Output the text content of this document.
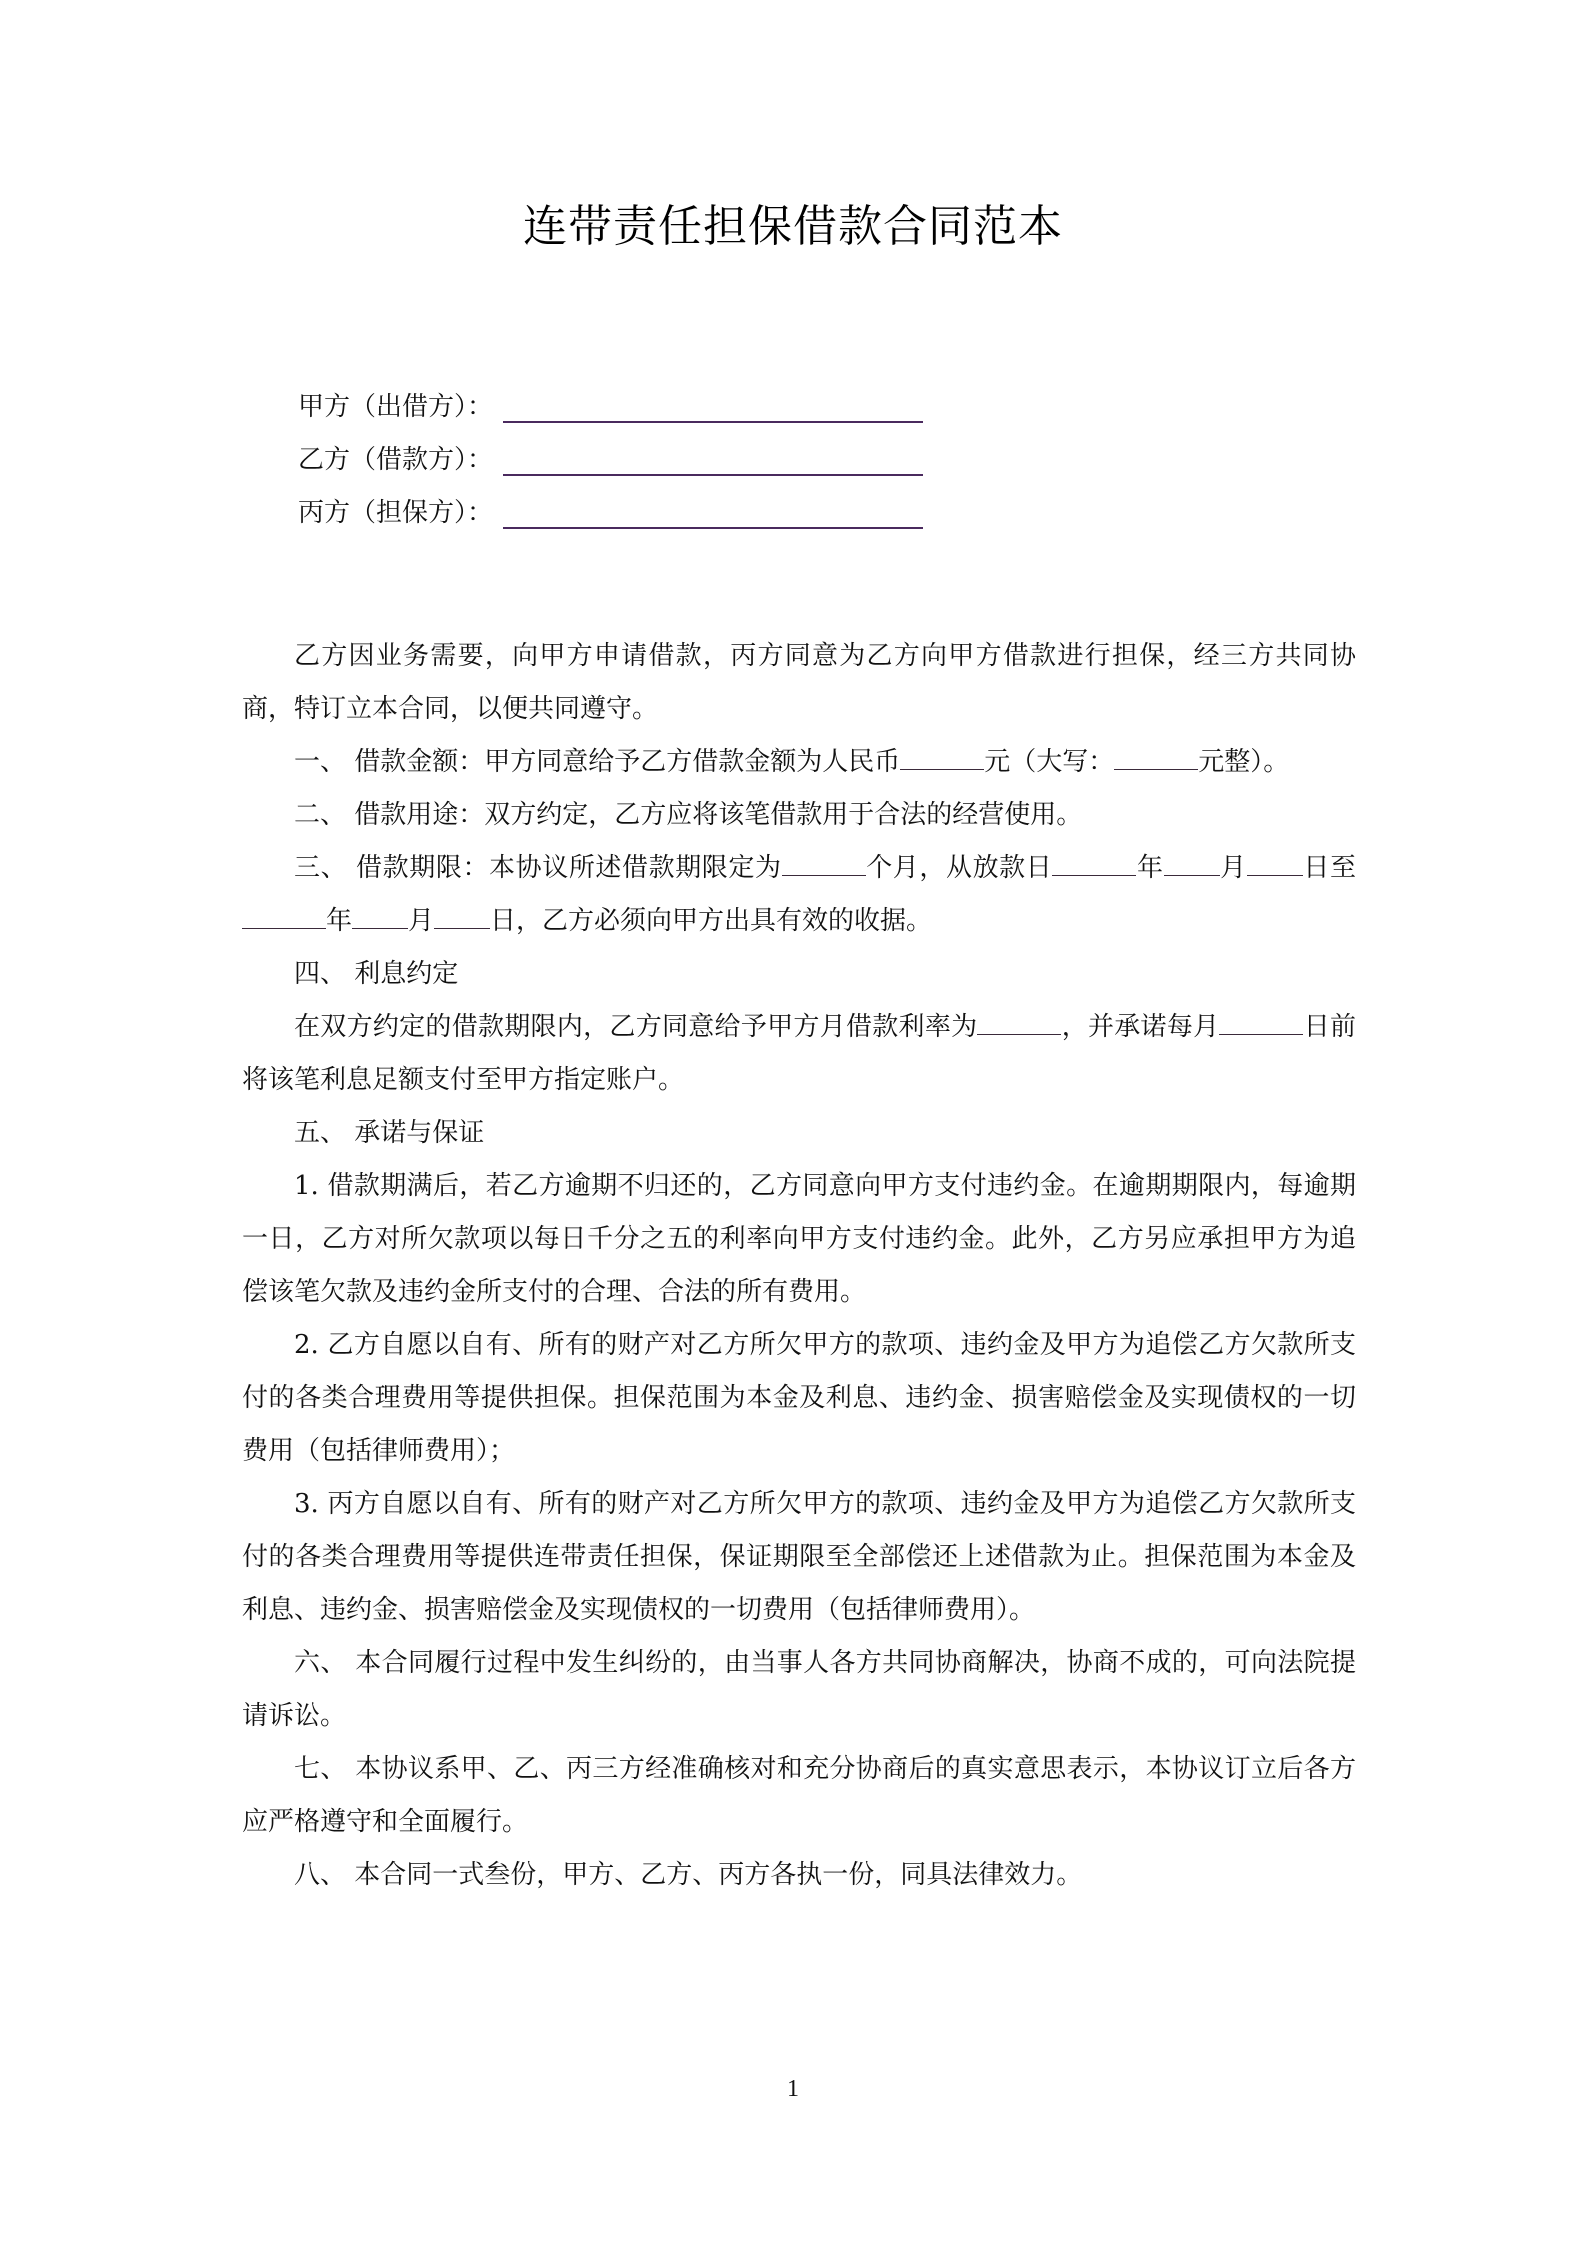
连带责任担保借款合同范本
甲方（出借方）：
乙方（借款方）：
丙方（担保方）：

乙方因业务需要，向甲方申请借款，丙方同意为乙方向甲方借款进行担保，经三方共同协商，特订立本合同，以便共同遵守。

一、 借款金额：甲方同意给予乙方借款金额为人民币	元（大写：	元整）。

二、 借款用途：双方约定，乙方应将该笔借款用于合法的经营使用。

三、 借款期限：本协议所述借款期限定为	个月，从放款日	年 月 日至年 月 日，乙方必须向甲方出具有效的收据。

四、 利息约定

在双方约定的借款期限内，乙方同意给予甲方月借款利率为	，并承诺每月	日前将该笔利息足额支付至甲方指定账户。

五、 承诺与保证

1. 借款期满后，若乙方逾期不归还的，乙方同意向甲方支付违约金。在逾期期限内，每逾期一日，乙方对所欠款项以每日千分之五的利率向甲方支付违约金。此外，乙方另应承担甲方为追偿该笔欠款及违约金所支付的合理、合法的所有费用。

2. 乙方自愿以自有、所有的财产对乙方所欠甲方的款项、违约金及甲方为追偿乙方欠款所支付的各类合理费用等提供担保。担保范围为本金及利息、违约金、损害赔偿金及实现债权的一切费用（包括律师费用）；

3. 丙方自愿以自有、所有的财产对乙方所欠甲方的款项、违约金及甲方为追偿乙方欠款所支付的各类合理费用等提供连带责任担保，保证期限至全部偿还上述借款为止。担保范围为本金及利息、违约金、损害赔偿金及实现债权的一切费用（包括律师费用）。

六、 本合同履行过程中发生纠纷的，由当事人各方共同协商解决，协商不成的，可向法院提请诉讼。

七、 本协议系甲、乙、丙三方经准确核对和充分协商后的真实意思表示，本协议订立后各方应严格遵守和全面履行。

八、 本合同一式叁份，甲方、乙方、丙方各执一份，同具法律效力。

1
